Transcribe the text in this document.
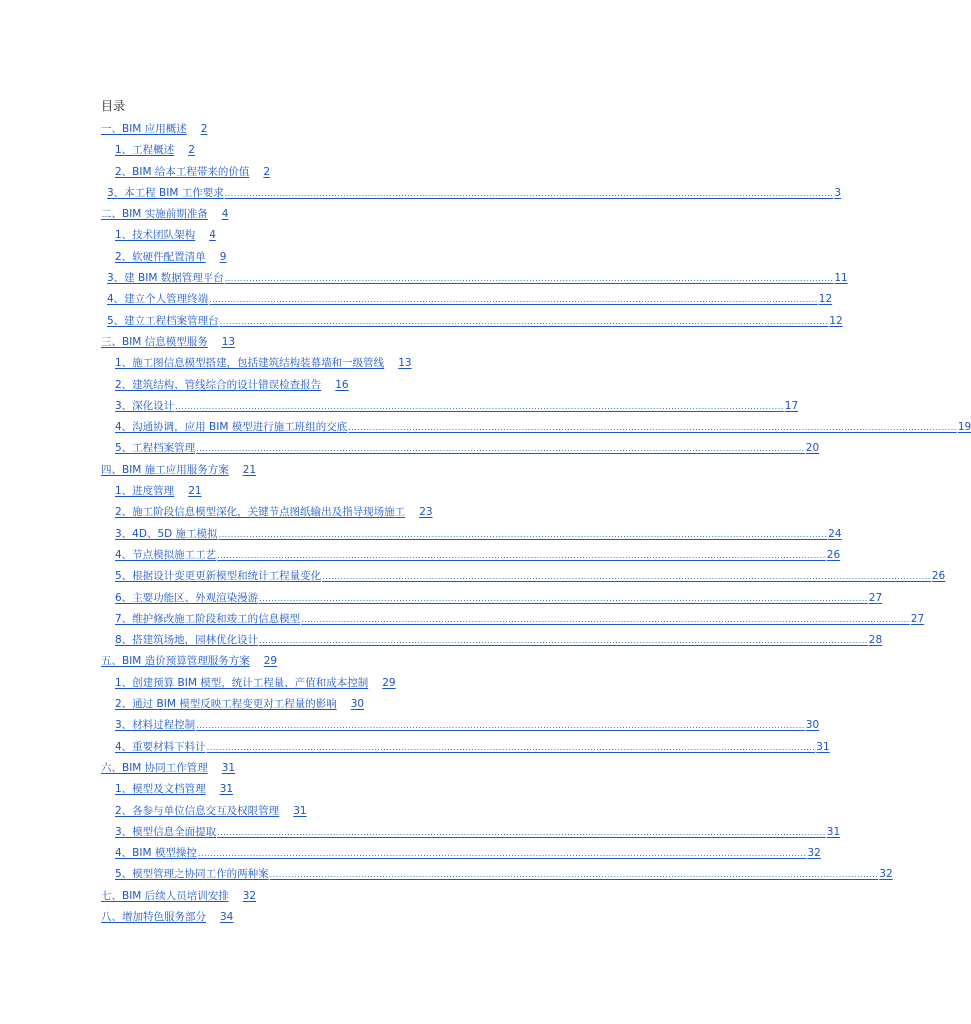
目录
一、BIM 应用概述 2
1、工程概述 2
2、BIM 给本工程带来的价值 2
3、本工程 BIM 工作要求 ........................................................................................................................................................................................................ 3
二、BIM 实施前期准备 4
1、技术团队架构 4
2、软硬件配置清单 9
3、建 BIM 数据管理平台 ........................................................................................................................................................................................................ 11
4、建立个人管理终端 ........................................................................................................................................................................................................ 12
5、建立工程档案管理台 ........................................................................................................................................................................................................ 12
三、BIM 信息模型服务 13
1、施工图信息模型搭建，包括建筑结构装幕墙和一级管线 13
2、建筑结构、管线综合的设计错误检查报告 16
3、深化设计 ........................................................................................................................................................................................................ 17
4、沟通协调，应用 BIM 模型进行施工班组的交底 ........................................................................................................................................................................................................ 19
5、工程档案管理 ........................................................................................................................................................................................................ 20
四、BIM 施工应用服务方案 21
1、进度管理 21
2、施工阶段信息模型深化，关键节点图纸输出及指导现场施工 23
3、4D、5D 施工模拟 ........................................................................................................................................................................................................ 24
4、节点模拟施工工艺 ........................................................................................................................................................................................................ 26
5、根据设计变更更新模型和统计工程量变化 ........................................................................................................................................................................................................ 26
6、主要功能区、外观渲染漫游 ........................................................................................................................................................................................................ 27
7、维护修改施工阶段和竣工的信息模型 ........................................................................................................................................................................................................ 27
8、搭建筑场地，园林优化设计 ........................................................................................................................................................................................................ 28
五、BIM 造价预算管理服务方案 29
1、创建预算 BIM 模型，统计工程量、产值和成本控制 29
2、通过 BIM 模型反映工程变更对工程量的影响 30
3、材料过程控制 ........................................................................................................................................................................................................ 30
4、重要材料下料计 ........................................................................................................................................................................................................ 31
六、BIM 协同工作管理 31
1、模型及文档管理 31
2、各参与单位信息交互及权限管理 31
3、模型信息全面提取 ........................................................................................................................................................................................................ 31
4、BIM 模型操控 ........................................................................................................................................................................................................ 32
5、模型管理之协同工作的两种案 ........................................................................................................................................................................................................ 32
七、BIM 后续人员培训安排 32
八、增加特色服务部分 34
